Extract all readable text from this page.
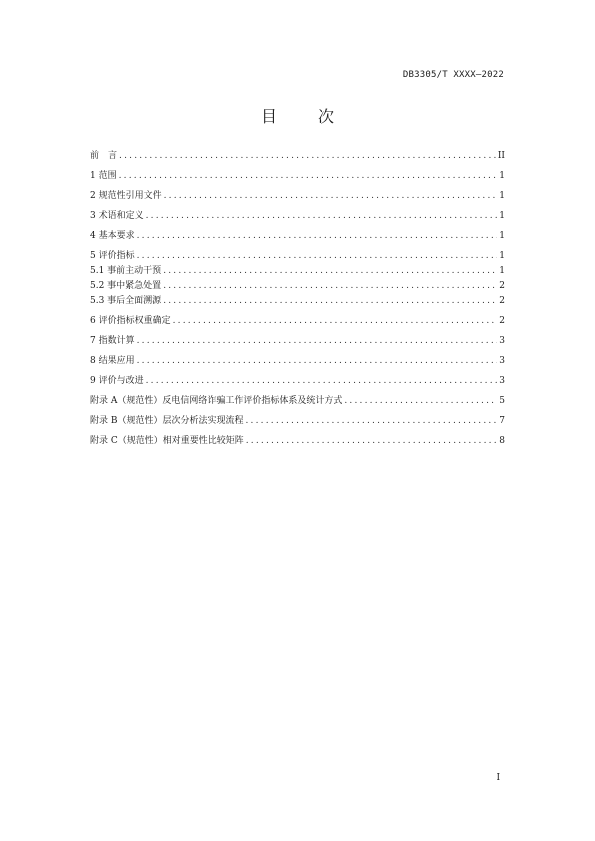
DB3305/T XXXX—2022
目 次
前　言 .....	II
1 范围 .....	1
2 规范性引用文件 .....	1
3 术语和定义 .....	1
4 基本要求 .....	1
5 评价指标 .....	1
5.1 事前主动干预 .....	1
5.2 事中紧急处置 .....	2
5.3 事后全面溯源 .....	2
6 评价指标权重确定 .....	2
7 指数计算 .....	3
8 结果应用 .....	3
9 评价与改进 .....	3
附录 A（规范性）反电信网络诈骗工作评价指标体系及统计方式 .....	5
附录 B（规范性）层次分析法实现流程 .....	7
附录 C（规范性）相对重要性比较矩阵 .....	8
I
